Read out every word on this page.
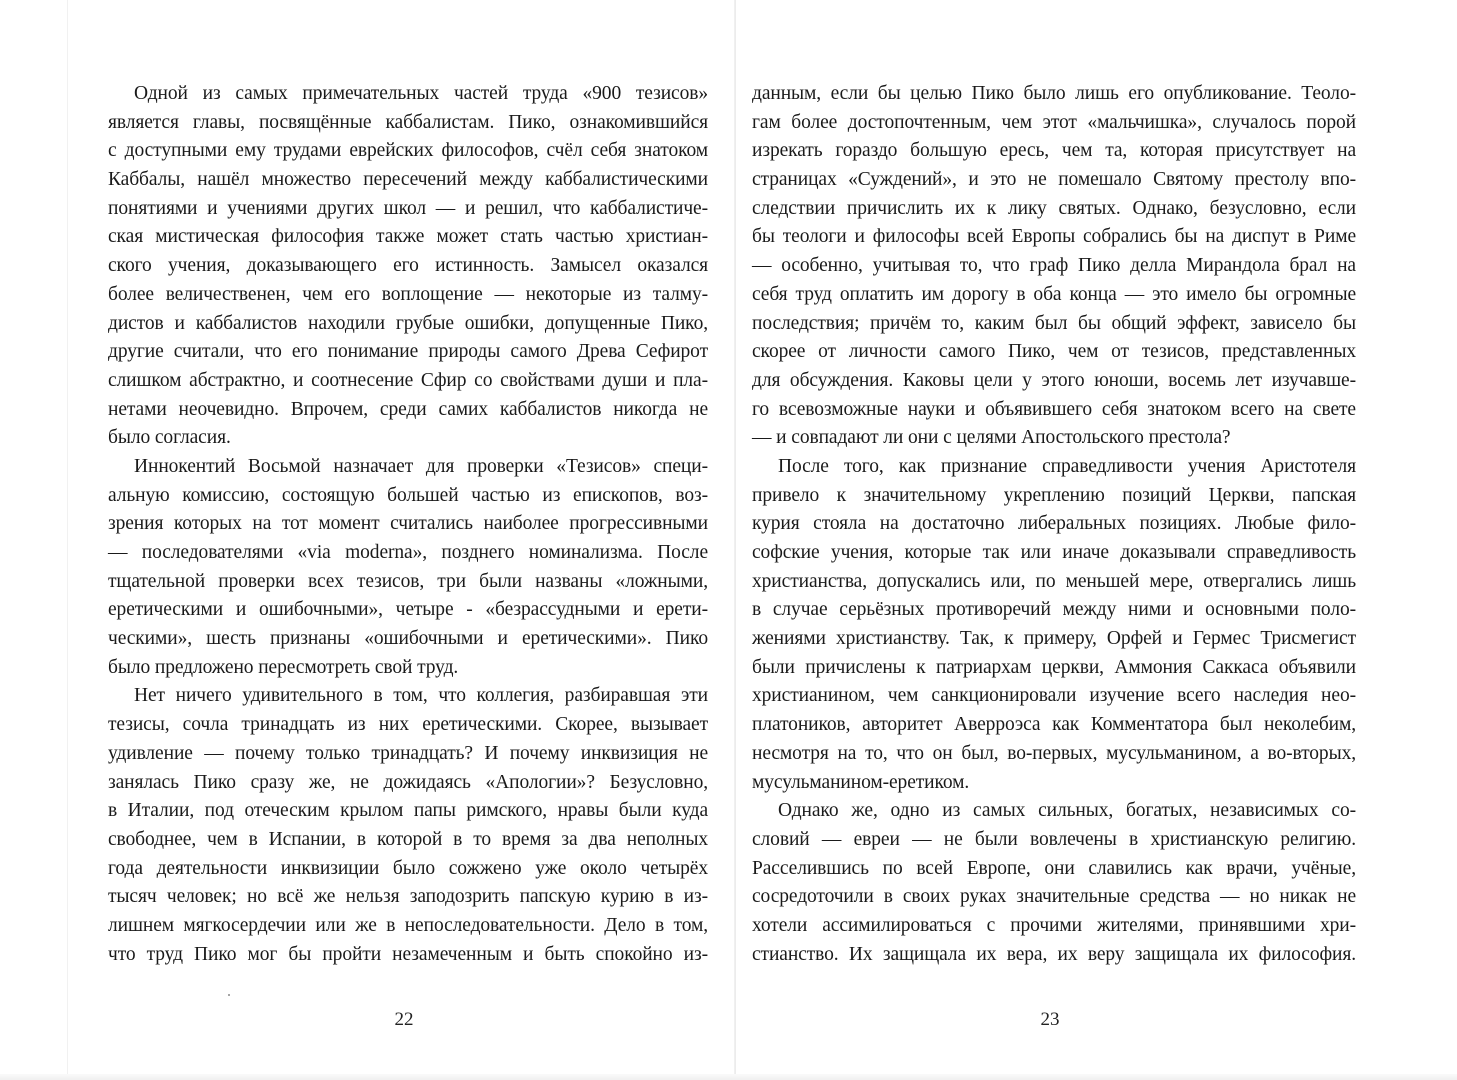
Одной из самых примечательных частей труда «900 тезисов»
является главы, посвящённые каббалистам. Пико, ознакомившийся
с доступными ему трудами еврейских философов, счёл себя знатоком
Каббалы, нашёл множество пересечений между каббалистическими
понятиями и учениями других школ — и решил, что каббалистиче-
ская мистическая философия также может стать частью христиан-
ского учения, доказывающего его истинность. Замысел оказался
более величественен, чем его воплощение — некоторые из талму-
дистов и каббалистов находили грубые ошибки, допущенные Пико,
другие считали, что его понимание природы самого Древа Сефирот
слишком абстрактно, и соотнесение Сфир со свойствами души и пла-
нетами неочевидно. Впрочем, среди самих каббалистов никогда не
было согласия.
Иннокентий Восьмой назначает для проверки «Тезисов» специ-
альную комиссию, состоящую большей частью из епископов, воз-
зрения которых на тот момент считались наиболее прогрессивными
— последователями «via moderna», позднего номинализма. После
тщательной проверки всех тезисов, три были названы «ложными,
еретическими и ошибочными», четыре - «безрассудными и ерети-
ческими», шесть признаны «ошибочными и еретическими». Пико
было предложено пересмотреть свой труд.
Нет ничего удивительного в том, что коллегия, разбиравшая эти
тезисы, сочла тринадцать из них еретическими. Скорее, вызывает
удивление — почему только тринадцать? И почему инквизиция не
занялась Пико сразу же, не дожидаясь «Апологии»? Безусловно,
в Италии, под отеческим крылом папы римского, нравы были куда
свободнее, чем в Испании, в которой в то время за два неполных
года деятельности инквизиции было сожжено уже около четырёх
тысяч человек; но всё же нельзя заподозрить папскую курию в из-
лишнем мягкосердечии или же в непоследовательности. Дело в том,
что труд Пико мог бы пройти незамеченным и быть спокойно из-
данным, если бы целью Пико было лишь его опубликование. Теоло-
гам более достопочтенным, чем этот «мальчишка», случалось порой
изрекать гораздо большую ересь, чем та, которая присутствует на
страницах «Суждений», и это не помешало Святому престолу впо-
следствии причислить их к лику святых. Однако, безусловно, если
бы теологи и философы всей Европы собрались бы на диспут в Риме
— особенно, учитывая то, что граф Пико делла Мирандола брал на
себя труд оплатить им дорогу в оба конца — это имело бы огромные
последствия; причём то, каким был бы общий эффект, зависело бы
скорее от личности самого Пико, чем от тезисов, представленных
для обсуждения. Каковы цели у этого юноши, восемь лет изучавше-
го всевозможные науки и объявившего себя знатоком всего на свете
— и совпадают ли они с целями Апостольского престола?
После того, как признание справедливости учения Аристотеля
привело к значительному укреплению позиций Церкви, папская
курия стояла на достаточно либеральных позициях. Любые фило-
софские учения, которые так или иначе доказывали справедливость
христианства, допускались или, по меньшей мере, отвергались лишь
в случае серьёзных противоречий между ними и основными поло-
жениями христианству. Так, к примеру, Орфей и Гермес Трисмегист
были причислены к патриархам церкви, Аммония Саккаса объявили
христианином, чем санкционировали изучение всего наследия нео-
платоников, авторитет Аверроэса как Комментатора был неколебим,
несмотря на то, что он был, во-первых, мусульманином, а во-вторых,
мусульманином-еретиком.
Однако же, одно из самых сильных, богатых, независимых со-
словий — евреи — не были вовлечены в христианскую религию.
Расселившись по всей Европе, они славились как врачи, учёные,
сосредоточили в своих руках значительные средства — но никак не
хотели ассимилироваться с прочими жителями, принявшими хри-
стианство. Их защищала их вера, их веру защищала их философия.
22	23
